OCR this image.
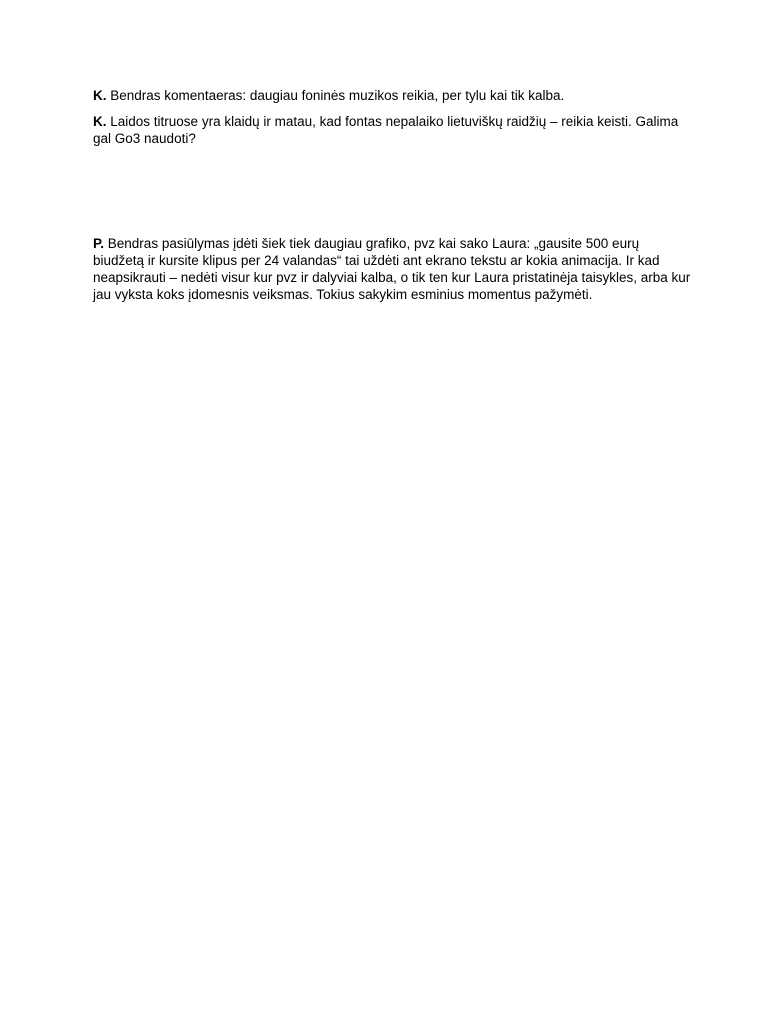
K. Bendras komentaeras: daugiau foninės muzikos reikia, per tylu kai tik kalba.

K. Laidos titruose yra klaidų ir matau, kad fontas nepalaiko lietuviškų raidžių – reikia keisti. Galima gal Go3 naudoti?

P. Bendras pasiūlymas įdėti šiek tiek daugiau grafiko, pvz kai sako Laura: „gausite 500 eurų biudžetą ir kursite klipus per 24 valandas“ tai uždėti ant ekrano tekstu ar kokia animacija. Ir kad neapsikrauti – nedėti visur kur pvz ir dalyviai kalba, o tik ten kur Laura pristatinėja taisykles, arba kur jau vyksta koks įdomesnis veiksmas. Tokius sakykim esminius momentus pažymėti.
